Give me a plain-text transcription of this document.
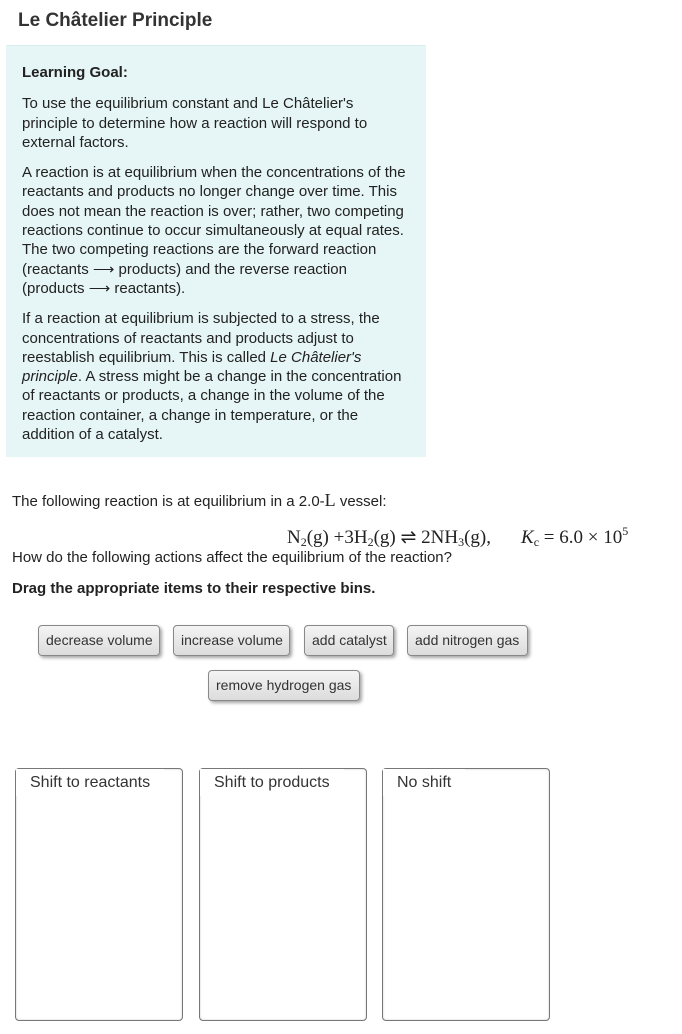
Le Châtelier Principle
Learning Goal:

To use the equilibrium constant and Le Châtelier's principle to determine how a reaction will respond to external factors.

A reaction is at equilibrium when the concentrations of the reactants and products no longer change over time. This does not mean the reaction is over; rather, two competing reactions continue to occur simultaneously at equal rates. The two competing reactions are the forward reaction (reactants ⟶ products) and the reverse reaction (products ⟶ reactants).

If a reaction at equilibrium is subjected to a stress, the concentrations of reactants and products adjust to reestablish equilibrium. This is called Le Châtelier's principle. A stress might be a change in the concentration of reactants or products, a change in the volume of the reaction container, a change in temperature, or the addition of a catalyst.

The following reaction is at equilibrium in a 2.0-L vessel:
$N_2(g) +3H_2(g)$ ⇌ $2NH_3(g)$, $K_c = 6.0 \times 10^5$
How do the following actions affect the equilibrium of the reaction?
Drag the appropriate items to their respective bins.
decrease volume	increase volume	add catalyst	add nitrogen gas
remove hydrogen gas
Shift to reactants	Shift to products	No shift
